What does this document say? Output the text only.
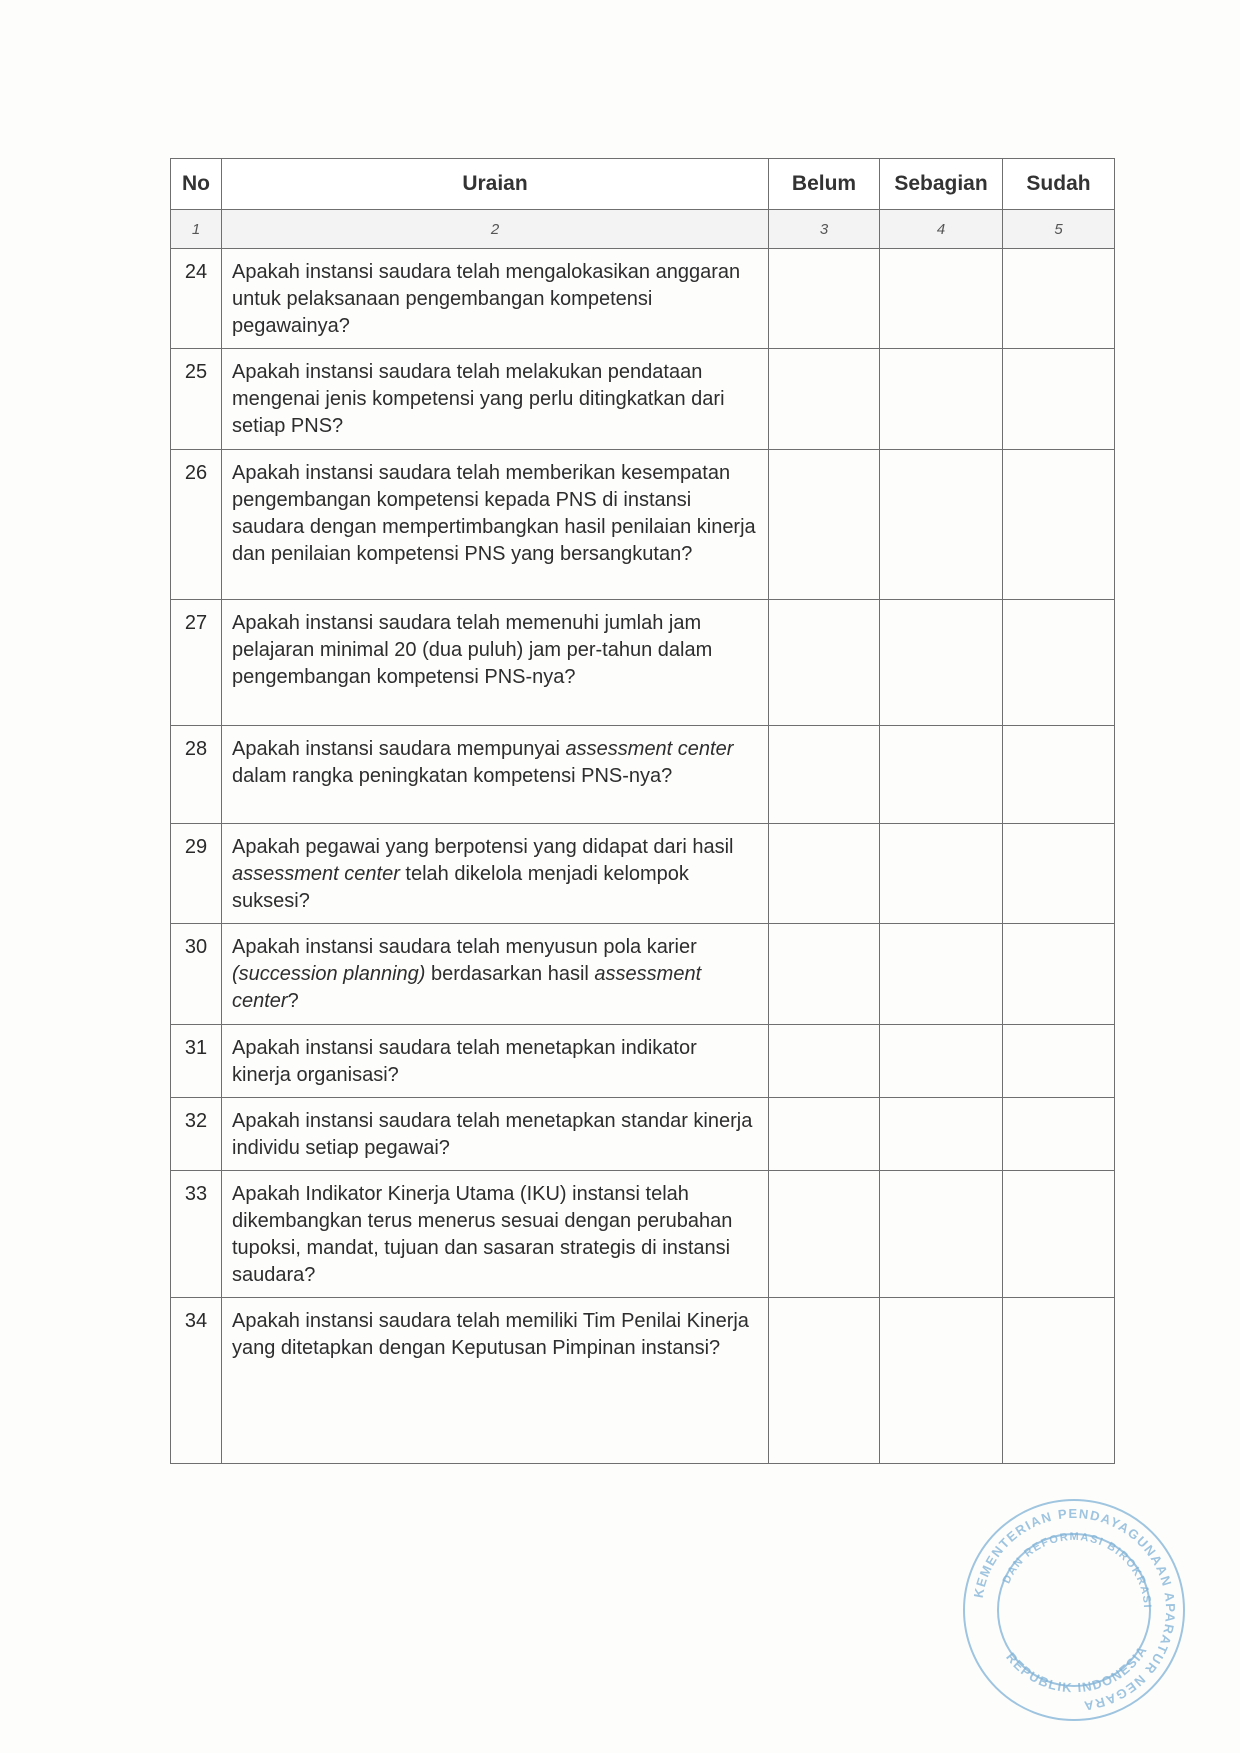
No	Uraian	Belum	Sebagian	Sudah
1	2	3	4	5
24	Apakah instansi saudara telah mengalokasikan anggaran untuk pelaksanaan pengembangan kompetensi pegawainya?			
25	Apakah instansi saudara telah melakukan pendataan mengenai jenis kompetensi yang perlu ditingkatkan dari setiap PNS?			
26	Apakah instansi saudara telah memberikan kesempatan pengembangan kompetensi kepada PNS di instansi saudara dengan mempertimbangkan hasil penilaian kinerja dan penilaian kompetensi PNS yang bersangkutan?			
27	Apakah instansi saudara telah memenuhi jumlah jam pelajaran minimal 20 (dua puluh) jam per-tahun dalam pengembangan kompetensi PNS-nya?			
28	Apakah instansi saudara mempunyai assessment center dalam rangka peningkatan kompetensi PNS-nya?			
29	Apakah pegawai yang berpotensi yang didapat dari hasil assessment center telah dikelola menjadi kelompok suksesi?			
30	Apakah instansi saudara telah menyusun pola karier (succession planning) berdasarkan hasil assessment center?			
31	Apakah instansi saudara telah menetapkan indikator kinerja organisasi?			
32	Apakah instansi saudara telah menetapkan standar kinerja individu setiap pegawai?			
33	Apakah Indikator Kinerja Utama (IKU) instansi telah dikembangkan terus menerus sesuai dengan perubahan tupoksi, mandat, tujuan dan sasaran strategis di instansi saudara?			
34	Apakah instansi saudara telah memiliki Tim Penilai Kinerja yang ditetapkan dengan Keputusan Pimpinan instansi?			
KEMENTERIAN PENDAYAGUNAAN APARATUR NEGARA
DAN REFORMASI BIROKRASI
REPUBLIK INDONESIA
